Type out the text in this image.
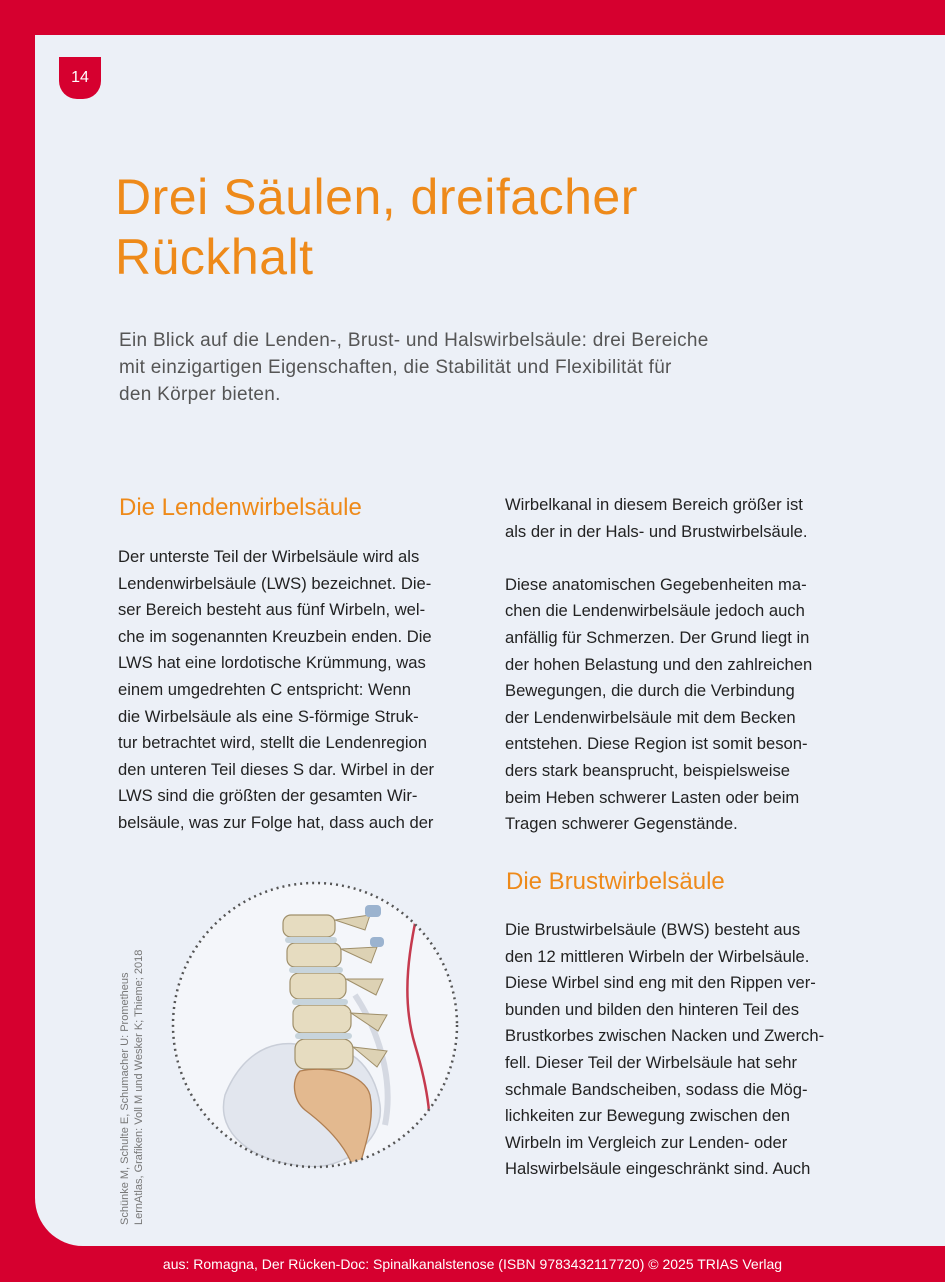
14
Drei Säulen, dreifacher
Rückhalt
Ein Blick auf die Lenden-, Brust- und Halswirbelsäule: drei Bereiche
mit einzigartigen Eigenschaften, die Stabilität und Flexibilität für
den Körper bieten.
Die Lendenwirbelsäule
Der unterste Teil der Wirbelsäule wird als
Lendenwirbelsäule (LWS) bezeichnet. Die-
ser Bereich besteht aus fünf Wirbeln, wel-
che im sogenannten Kreuzbein enden. Die
LWS hat eine lordotische Krümmung, was
einem umgedrehten C entspricht: Wenn
die Wirbelsäule als eine S-förmige Struk-
tur betrachtet wird, stellt die Lendenregion
den unteren Teil dieses S dar. Wirbel in der
LWS sind die größten der gesamten Wir-
belsäule, was zur Folge hat, dass auch der
Wirbelkanal in diesem Bereich größer ist
als der in der Hals- und Brustwirbelsäule.
Diese anatomischen Gegebenheiten ma-
chen die Lendenwirbelsäule jedoch auch
anfällig für Schmerzen. Der Grund liegt in
der hohen Belastung und den zahlreichen
Bewegungen, die durch die Verbindung
der Lendenwirbelsäule mit dem Becken
entstehen. Diese Region ist somit beson-
ders stark beansprucht, beispielsweise
beim Heben schwerer Lasten oder beim
Tragen schwerer Gegenstände.
Die Brustwirbelsäule
Die Brustwirbelsäule (BWS) besteht aus
den 12 mittleren Wirbeln der Wirbelsäule.
Diese Wirbel sind eng mit den Rippen ver-
bunden und bilden den hinteren Teil des
Brustkorbes zwischen Nacken und Zwerch-
fell. Dieser Teil der Wirbelsäule hat sehr
schmale Bandscheiben, sodass die Mög-
lichkeiten zur Bewegung zwischen den
Wirbeln im Vergleich zur Lenden- oder
Halswirbelsäule eingeschränkt sind. Auch
Schünke M, Schulte E, Schumacher U: Prometheus LernAtlas, Grafiken: Voll M und Wesker K; Thieme; 2018
aus: Romagna, Der Rücken-Doc: Spinalkanalstenose (ISBN 9783432117720) © 2025 TRIAS Verlag
